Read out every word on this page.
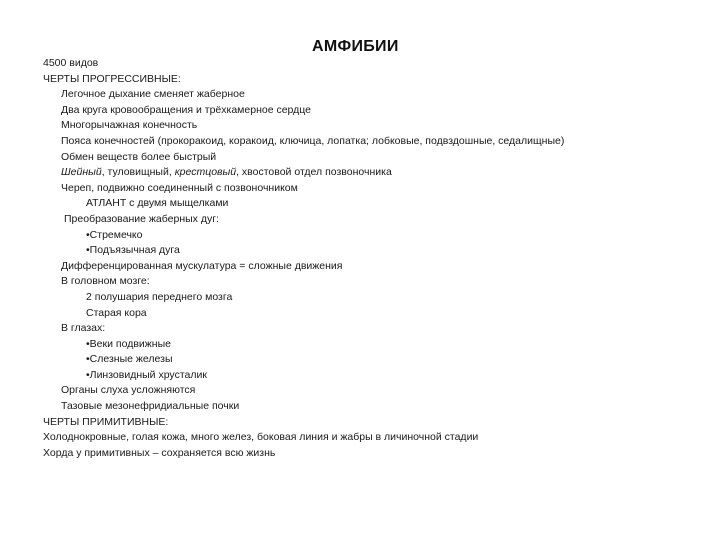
АМФИБИИ
4500 видов
ЧЕРТЫ ПРОГРЕССИВНЫЕ:
Легочное дыхание сменяет жаберное
Два круга кровообращения и трёхкамерное сердце
Многорычажная конечность
Пояса конечностей (прокоракоид, коракоид, ключица, лопатка; лобковые, подвздошные, седалищные)
Обмен веществ более быстрый
Шейный, туловищный, крестцовый, хвостовой отдел позвоночника
Череп, подвижно соединенный с позвоночником
АТЛАНТ с двумя мыщелками
Преобразование жаберных дуг:
•Стремечко
•Подъязычная дуга
Дифференцированная мускулатура = сложные движения
В головном мозге:
2 полушария переднего мозга
Старая кора
В глазах:
•Веки подвижные
•Слезные железы
•Линзовидный хрусталик
Органы слуха усложняются
Тазовые мезонефридиальные почки
ЧЕРТЫ ПРИМИТИВНЫЕ:
Холоднокровные, голая кожа, много желез, боковая линия и жабры в личиночной стадии
Хорда у примитивных – сохраняется всю жизнь
